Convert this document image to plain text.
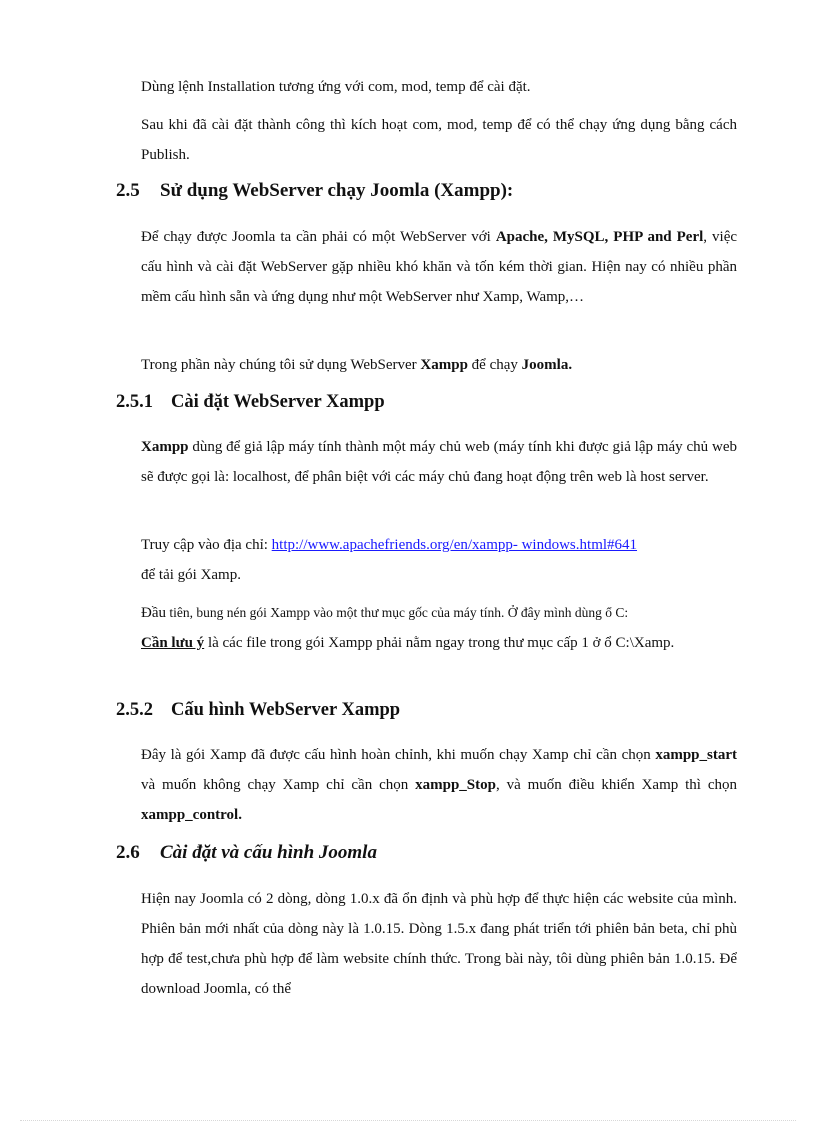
Dùng lệnh Installation tương ứng với com, mod, temp để cài đặt.

Sau khi đã cài đặt thành công thì kích hoạt com, mod, temp để có thể chạy ứng dụng bằng cách Publish.

2.5 Sử dụng WebServer chạy Joomla (Xampp):

Để chạy được Joomla ta cần phải có một WebServer với Apache, MySQL, PHP and Perl, việc cấu hình và cài đặt WebServer gặp nhiều khó khăn và tốn kém thời gian. Hiện nay có nhiều phần mềm cấu hình sẵn và ứng dụng như một WebServer như Xamp, Wamp,…

Trong phần này chúng tôi sử dụng WebServer Xampp để chạy Joomla.

2.5.1 Cài đặt WebServer Xampp

Xampp dùng để giả lập máy tính thành một máy chủ web (máy tính khi được giả lập máy chủ web sẽ được gọi là: localhost, để phân biệt với các máy chủ đang hoạt động trên web là host server.

Truy cập vào địa chỉ: http://www.apachefriends.org/en/xampp- windows.html#641
để tải gói Xamp.

Đầu tiên, bung nén gói Xampp vào một thư mục gốc của máy tính. Ở đây mình dùng ổ C:
Cần lưu ý là các file trong gói Xampp phải nằm ngay trong thư mục cấp 1 ở ổ C:\Xamp.

2.5.2 Cấu hình WebServer Xampp

Đây là gói Xamp đã được cấu hình hoàn chỉnh, khi muốn chạy Xamp chỉ cần chọn xampp_start và muốn không chạy Xamp chỉ cần chọn xampp_Stop, và muốn điều khiển Xamp thì chọn xampp_control.

2.6 Cài đặt và cấu hình Joomla

Hiện nay Joomla có 2 dòng, dòng 1.0.x đã ổn định và phù hợp để thực hiện các website của mình. Phiên bản mới nhất của dòng này là 1.0.15. Dòng 1.5.x đang phát triển tới phiên bản beta, chỉ phù hợp để test,chưa phù hợp để làm website chính thức. Trong bài này, tôi dùng phiên bản 1.0.15. Để download Joomla, có thể
